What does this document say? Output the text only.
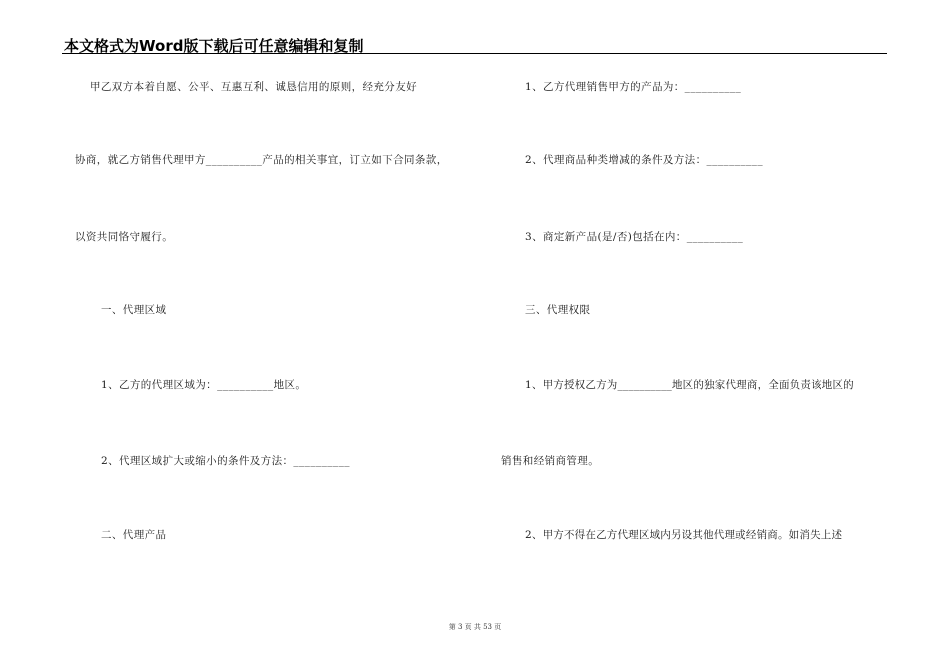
本文格式为Word版下载后可任意编辑和复制
甲乙双方本着自愿、公平、互惠互利、诚恳信用的原则，经充分友好
协商，就乙方销售代理甲方__________产品的相关事宜，订立如下合同条款，
以资共同恪守履行。
一、代理区域
1、乙方的代理区域为：__________地区。
2、代理区域扩大或缩小的条件及方法：__________
二、代理产品
1、乙方代理销售甲方的产品为：__________
2、代理商品种类增减的条件及方法：__________
3、商定新产品(是/否)包括在内：__________
三、代理权限
1、甲方授权乙方为__________地区的独家代理商，全面负责该地区的
销售和经销商管理。
2、甲方不得在乙方代理区域内另设其他代理或经销商。如消失上述
第 3 页 共 53 页
